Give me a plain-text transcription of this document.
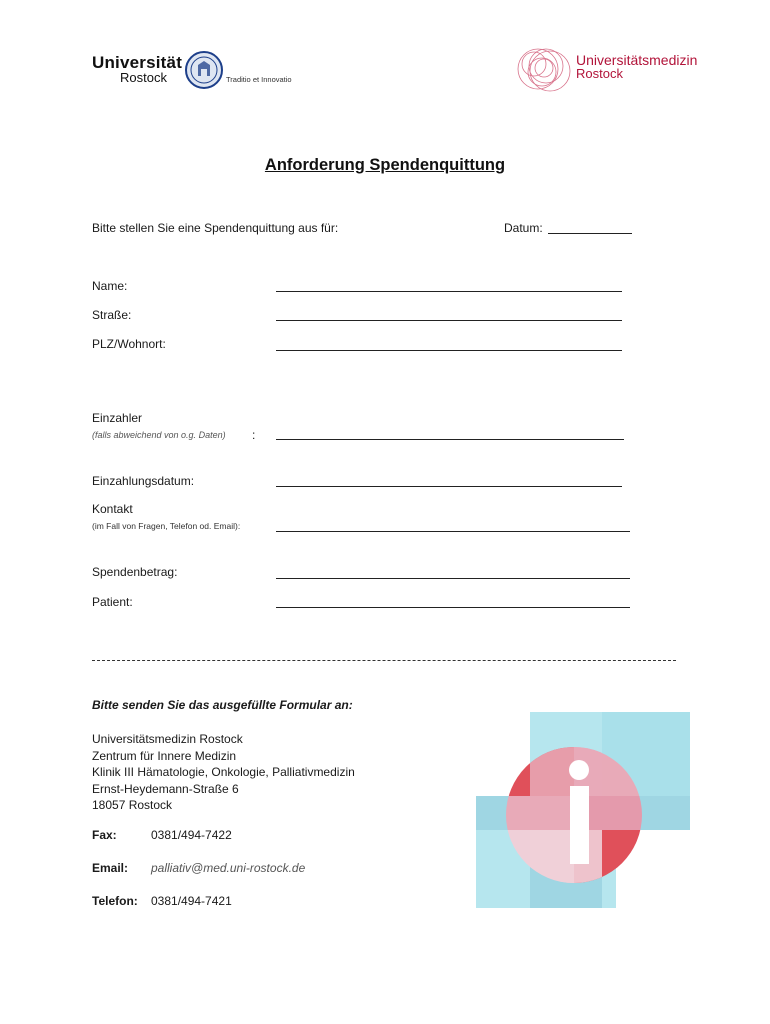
Universität
Rostock	Traditio et Innovatio
Universitätsmedizin
Rostock
Anforderung Spendenquittung
Bitte stellen Sie eine Spendenquittung aus für:	Datum:
Name:
Straße:
PLZ/Wohnort:
Einzahler
(falls abweichend von o.g. Daten) :
Einzahlungsdatum:
Kontakt
(im Fall von Fragen, Telefon od. Email):
Spendenbetrag:
Patient:
Bitte senden Sie das ausgefüllte Formular an:
Universitätsmedizin Rostock
Zentrum für Innere Medizin
Klinik III Hämatologie, Onkologie, Palliativmedizin
Ernst-Heydemann-Straße 6
18057 Rostock
Fax:	0381/494-7422
Email: palliativ@med.uni-rostock.de
Telefon: 0381/494-7421
